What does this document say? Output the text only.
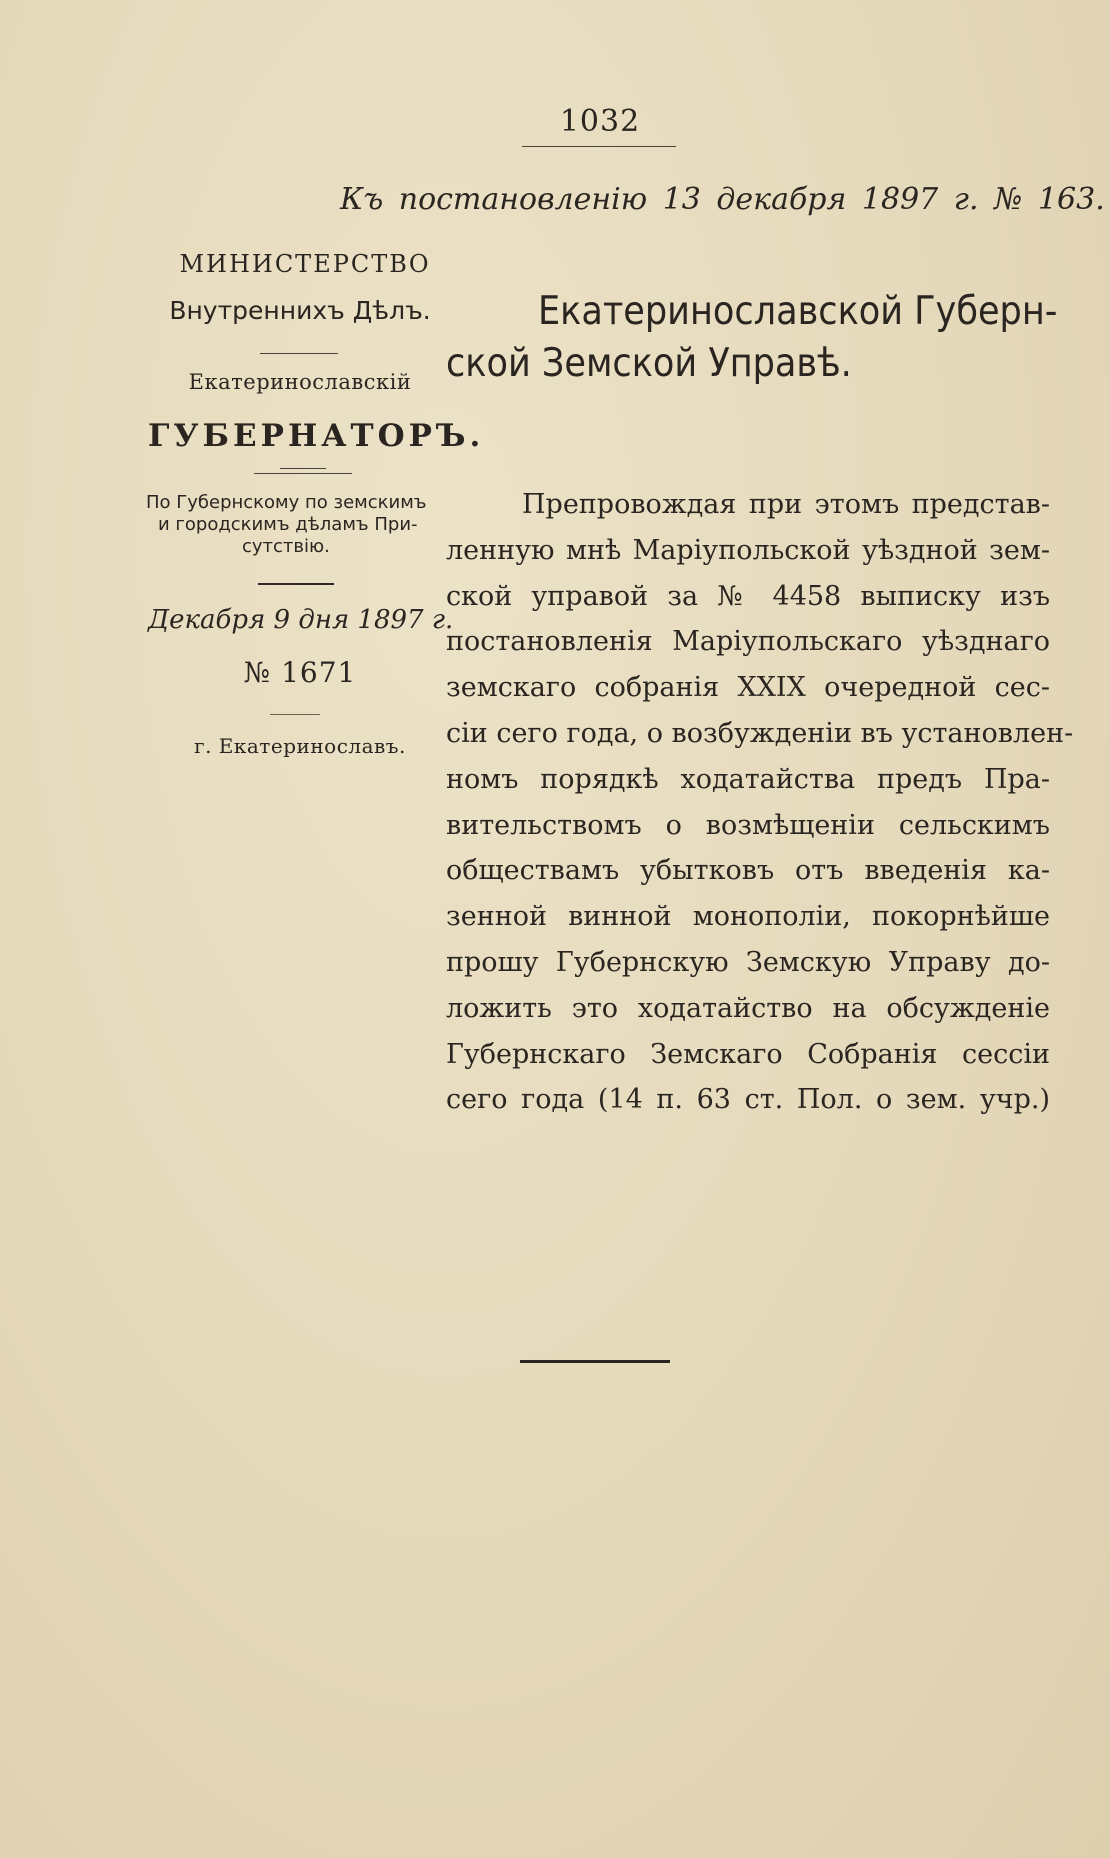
1032
Къ постановленію 13 декабря 1897 г. № 163.
МИНИСТЕРСТВО
Внутреннихъ Дѣлъ.
Екатеринославскій
ГУБЕРНАТОРЪ.
По Губернскому по земскимъ
и городскимъ дѣламъ При-
сутствію.
Декабря 9 дня 1897 г.
№ 1671
г. Екатеринославъ.
Екатеринославской Губерн-
ской Земской Управѣ.
Препровождая при этомъ представ-
ленную мнѣ Маріупольской уѣздной зем-
ской управой за № 4458 выписку изъ
постановленія Маріупольскаго уѣзднаго
земскаго собранія XXIX очередной сес-
сіи сего года, о возбужденіи въ установлен-
номъ порядкѣ ходатайства предъ Пра-
вительствомъ о возмѣщеніи сельскимъ
обществамъ убытковъ отъ введенія ка-
зенной винной монополіи, покорнѣйше
прошу Губернскую Земскую Управу до-
ложить это ходатайство на обсужденіе
Губернскаго Земскаго Собранія сессіи
сего года (14 п. 63 ст. Пол. о зем. учр.)
